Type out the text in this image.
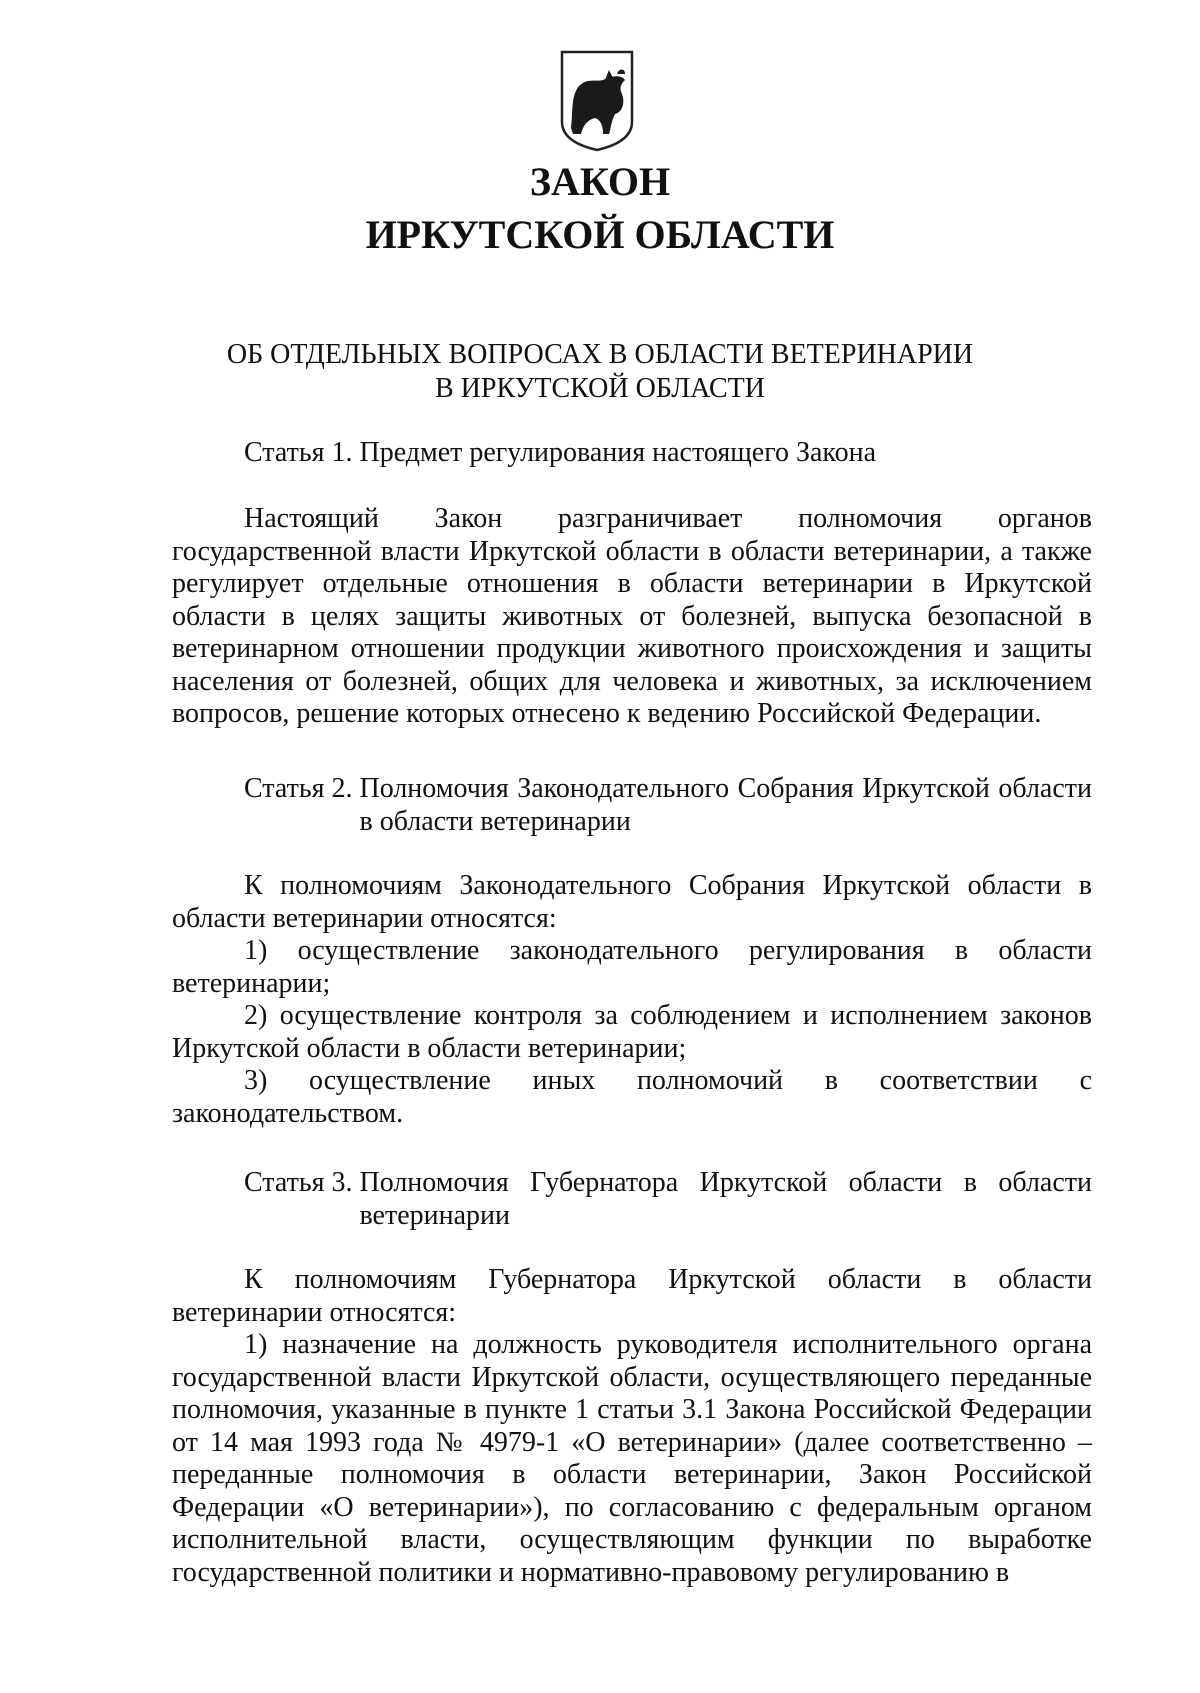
ЗАКОН
ИРКУТСКОЙ ОБЛАСТИ
ОБ ОТДЕЛЬНЫХ ВОПРОСАХ В ОБЛАСТИ ВЕТЕРИНАРИИ
В ИРКУТСКОЙ ОБЛАСТИ

Статья 1. Предмет регулирования настоящего Закона

Настоящий Закон разграничивает полномочия органов государственной власти Иркутской области в области ветеринарии, а также регулирует отдельные отношения в области ветеринарии в Иркутской области в целях защиты животных от болезней, выпуска безопасной в ветеринарном отношении продукции животного происхождения и защиты населения от болезней, общих для человека и животных, за исключением вопросов, решение которых отнесено к ведению Российской Федерации.

Статья 2. Полномочия Законодательного Собрания Иркутской области в области ветеринарии

К полномочиям Законодательного Собрания Иркутской области в области ветеринарии относятся:

1) осуществление законодательного регулирования в области ветеринарии;

2) осуществление контроля за соблюдением и исполнением законов Иркутской области в области ветеринарии;

3) осуществление иных полномочий в соответствии с законодательством.

Статья 3. Полномочия Губернатора Иркутской области в области ветеринарии

К полномочиям Губернатора Иркутской области в области ветеринарии относятся:

1) назначение на должность руководителя исполнительного органа государственной власти Иркутской области, осуществляющего переданные полномочия, указанные в пункте 1 статьи 3.1 Закона Российской Федерации от 14 мая 1993 года № 4979-1 «О ветеринарии» (далее соответственно – переданные полномочия в области ветеринарии, Закон Российской Федерации «О ветеринарии»), по согласованию с федеральным органом исполнительной власти, осуществляющим функции по выработке государственной политики и нормативно-правовому регулированию в
